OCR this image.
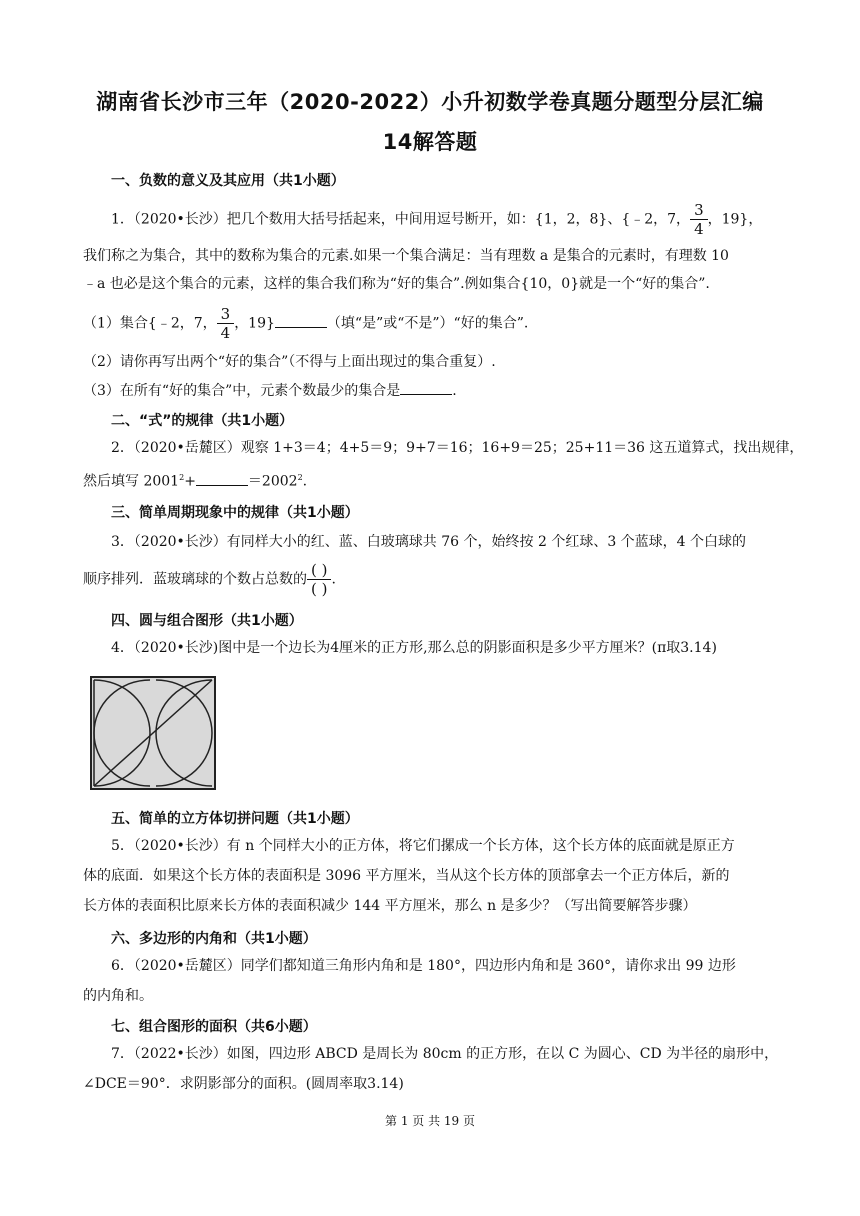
湖南省长沙市三年（2020-2022）小升初数学卷真题分题型分层汇编
14解答题
一、负数的意义及其应用（共1小题）
1．（2020•长沙）把几个数用大括号括起来，中间用逗号断开，如：{1，2，8}、{﹣2，7， $\frac{3}{4}$ ，19}，
我们称之为集合，其中的数称为集合的元素.如果一个集合满足：当有理数 a 是集合的元素时，有理数 10
﹣a 也必是这个集合的元素，这样的集合我们称为“好的集合”.例如集合{10，0}就是一个“好的集合”.
（1）集合{﹣2，7， $\frac{3}{4}$ ，19}	（填“是”或“不是”）“好的集合”.
（2）请你再写出两个“好的集合”（不得与上面出现过的集合重复）.
（3）在所有“好的集合”中，元素个数最少的集合是	.
二、“式”的规律（共1小题）
2．（2020•岳麓区）观察 1+3＝4；4+5＝9；9+7＝16；16+9＝25；25+11＝36 这五道算式，找出规律，
然后填写 $2001^2+$	$=2002^2$.
三、简单周期现象中的规律（共1小题）
3．（2020•长沙）有同样大小的红、蓝、白玻璃球共 76 个，始终按 2 个红球、3 个蓝球，4 个白球的
顺序排列．蓝玻璃球的个数占总数的 $\frac{( )}{( )}$ .
四、圆与组合图形（共1小题）
4．（2020•长沙)图中是一个边长为4厘米的正方形,那么总的阴影面积是多少平方厘米？(π取3.14)
五、简单的立方体切拼问题（共1小题）
5．（2020•长沙）有 n 个同样大小的正方体，将它们摞成一个长方体，这个长方体的底面就是原正方
体的底面．如果这个长方体的表面积是 3096 平方厘米，当从这个长方体的顶部拿去一个正方体后，新的
长方体的表面积比原来长方体的表面积减少 144 平方厘米，那么 n 是多少？（写出简要解答步骤）
六、多边形的内角和（共1小题）
6．（2020•岳麓区）同学们都知道三角形内角和是 180°，四边形内角和是 360°，请你求出 99 边形
的内角和。
七、组合图形的面积（共6小题）
7．（2022•长沙）如图，四边形 ABCD 是周长为 80cm 的正方形，在以 C 为圆心、CD 为半径的扇形中，
∠DCE＝90°．求阴影部分的面积。(圆周率取3.14)
第 1 页 共 19 页
